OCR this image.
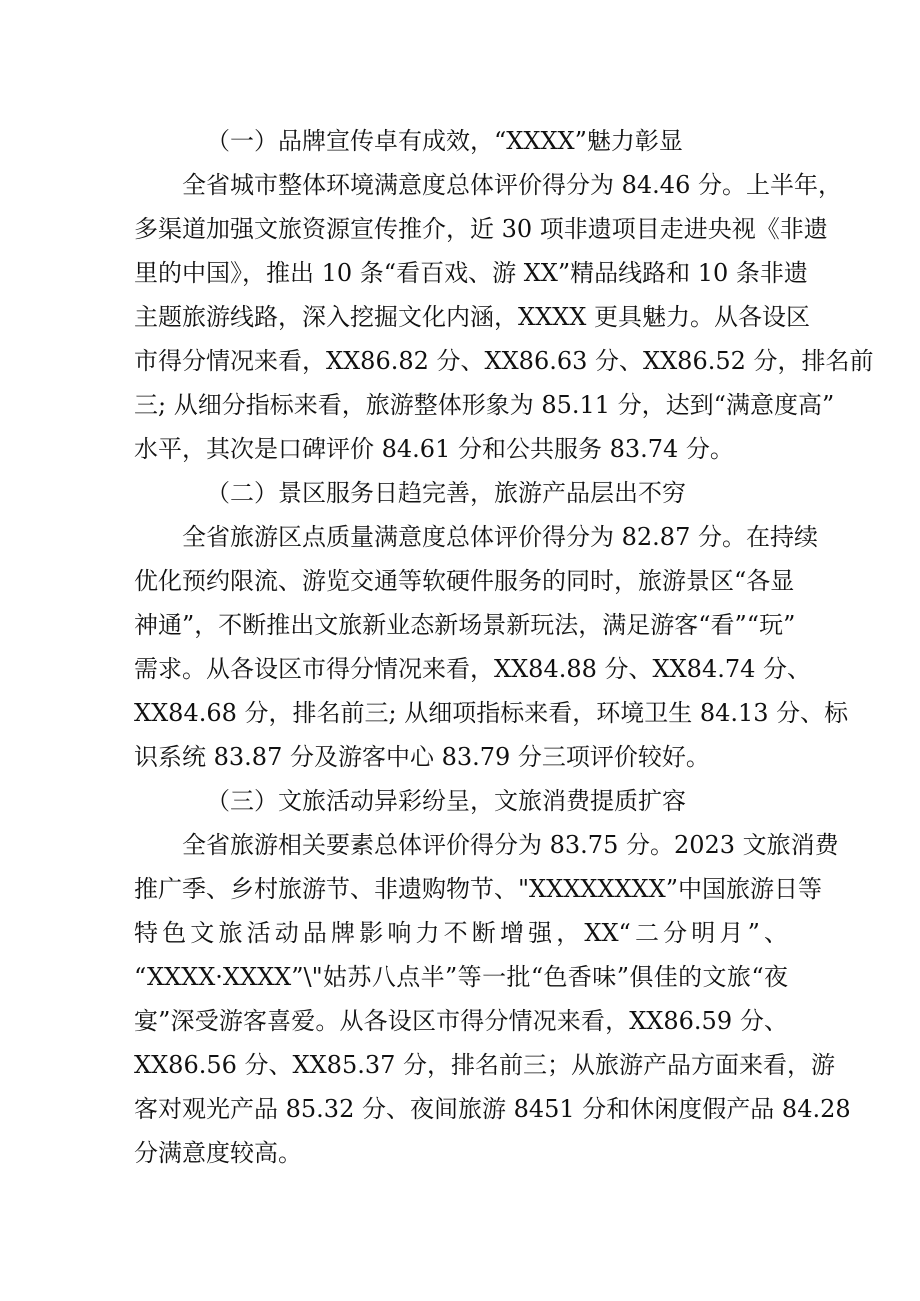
（一）品牌宣传卓有成效，“XXXX”魅力彰显
全省城市整体环境满意度总体评价得分为 84.46 分。上半年，
多渠道加强文旅资源宣传推介，近 30 项非遗项目走进央视《非遗
里的中国》，推出 10 条“看百戏、游 XX”精品线路和 10 条非遗
主题旅游线路，深入挖掘文化内涵，XXXX 更具魅力。从各设区
市得分情况来看，XX86.82 分、XX86.63 分、XX86.52 分，排名前
三; 从细分指标来看，旅游整体形象为 85.11 分，达到“满意度高”
水平，其次是口碑评价 84.61 分和公共服务 83.74 分。
（二）景区服务日趋完善，旅游产品层出不穷
全省旅游区点质量满意度总体评价得分为 82.87 分。在持续
优化预约限流、游览交通等软硬件服务的同时，旅游景区“各显
神通”，不断推出文旅新业态新场景新玩法，满足游客“看”“玩”
需求。从各设区市得分情况来看，XX84.88 分、XX84.74 分、
XX84.68 分，排名前三; 从细项指标来看，环境卫生 84.13 分、标
识系统 83.87 分及游客中心 83.79 分三项评价较好。
（三）文旅活动异彩纷呈，文旅消费提质扩容
全省旅游相关要素总体评价得分为 83.75 分。2023 文旅消费
推广季、乡村旅游节、非遗购物节、"XXXXXXXX”中国旅游日等
特色文旅活动品牌影响力不断增强，XX“二分明月”、
“XXXX·XXXX”\"姑苏八点半”等一批“色香味”俱佳的文旅“夜
宴”深受游客喜爱。从各设区市得分情况来看，XX86.59 分、
XX86.56 分、XX85.37 分，排名前三；从旅游产品方面来看，游
客对观光产品 85.32 分、夜间旅游 8451 分和休闲度假产品 84.28
分满意度较高。
